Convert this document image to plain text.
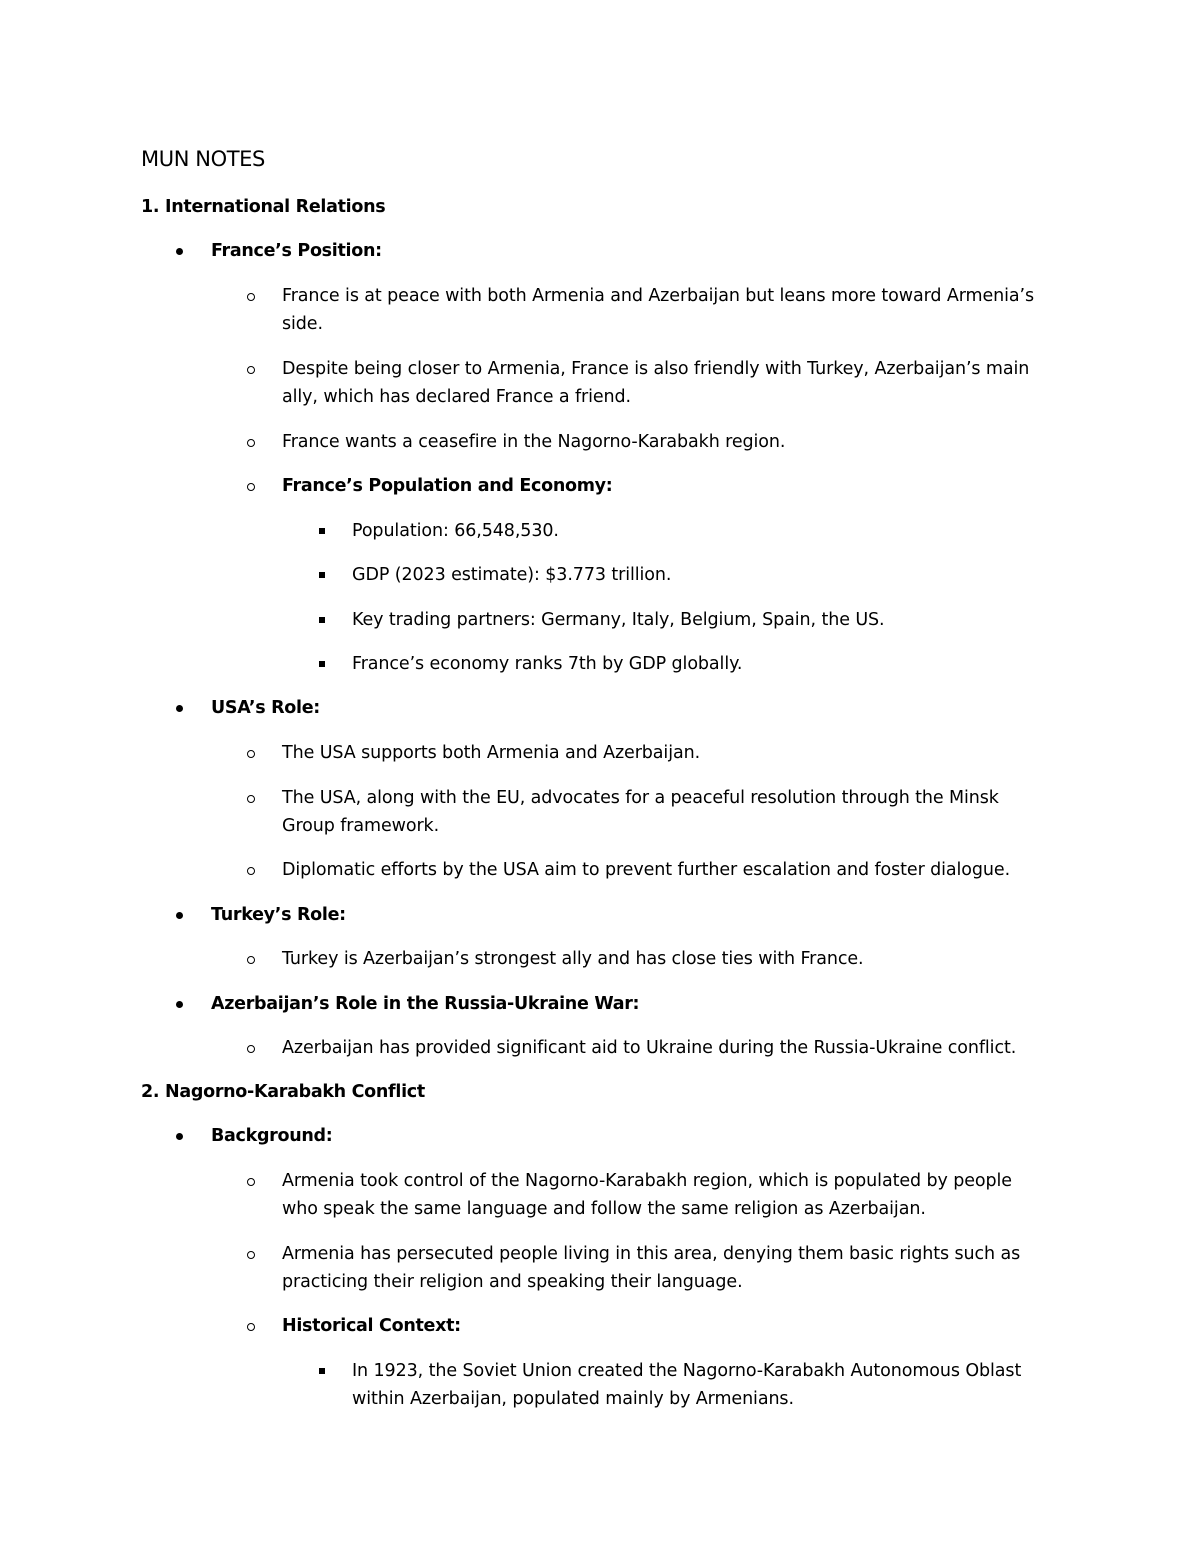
MUN NOTES
1. International Relations
France’s Position:
France is at peace with both Armenia and Azerbaijan but leans more toward Armenia’s
side.
Despite being closer to Armenia, France is also friendly with Turkey, Azerbaijan’s main
ally, which has declared France a friend.
France wants a ceasefire in the Nagorno-Karabakh region.
France’s Population and Economy:
Population: 66,548,530.
GDP (2023 estimate): $3.773 trillion.
Key trading partners: Germany, Italy, Belgium, Spain, the US.
France’s economy ranks 7th by GDP globally.
USA’s Role:
The USA supports both Armenia and Azerbaijan.
The USA, along with the EU, advocates for a peaceful resolution through the Minsk
Group framework.
Diplomatic efforts by the USA aim to prevent further escalation and foster dialogue.
Turkey’s Role:
Turkey is Azerbaijan’s strongest ally and has close ties with France.
Azerbaijan’s Role in the Russia-Ukraine War:
Azerbaijan has provided significant aid to Ukraine during the Russia-Ukraine conflict.
2. Nagorno-Karabakh Conflict
Background:
Armenia took control of the Nagorno-Karabakh region, which is populated by people
who speak the same language and follow the same religion as Azerbaijan.
Armenia has persecuted people living in this area, denying them basic rights such as
practicing their religion and speaking their language.
Historical Context:
In 1923, the Soviet Union created the Nagorno-Karabakh Autonomous Oblast
within Azerbaijan, populated mainly by Armenians.
